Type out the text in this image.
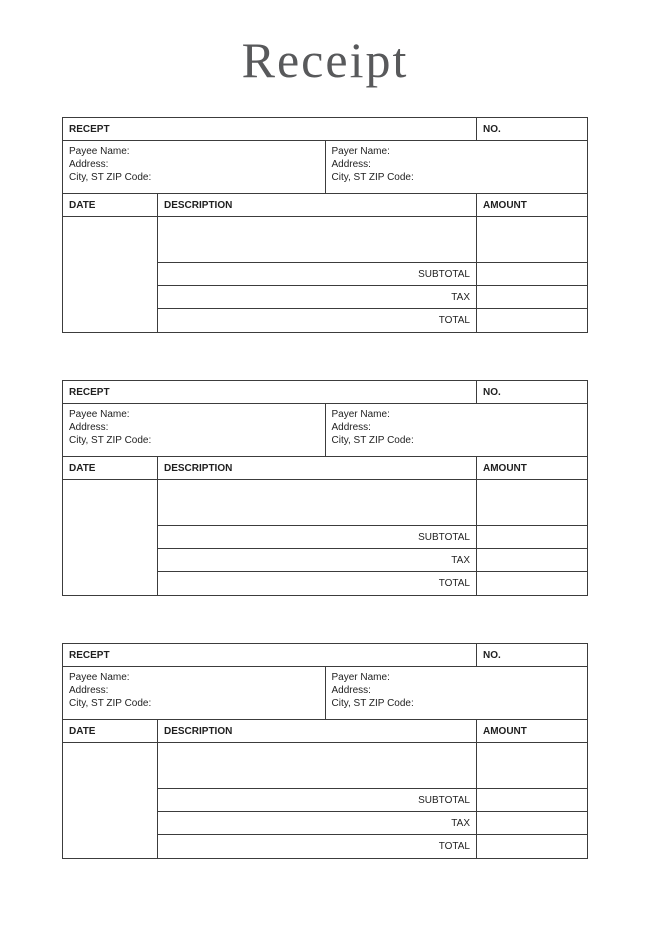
Receipt
RECEPT	NO.
Payee Name:
Address:
City, ST ZIP Code:
Payer Name:
Address:
City, ST ZIP Code:
DATE	DESCRIPTION	AMOUNT
SUBTOTAL
TAX
TOTAL
RECEPT	NO.
Payee Name:
Address:
City, ST ZIP Code:
Payer Name:
Address:
City, ST ZIP Code:
DATE	DESCRIPTION	AMOUNT
SUBTOTAL
TAX
TOTAL
RECEPT	NO.
Payee Name:
Address:
City, ST ZIP Code:
Payer Name:
Address:
City, ST ZIP Code:
DATE	DESCRIPTION	AMOUNT
SUBTOTAL
TAX
TOTAL
